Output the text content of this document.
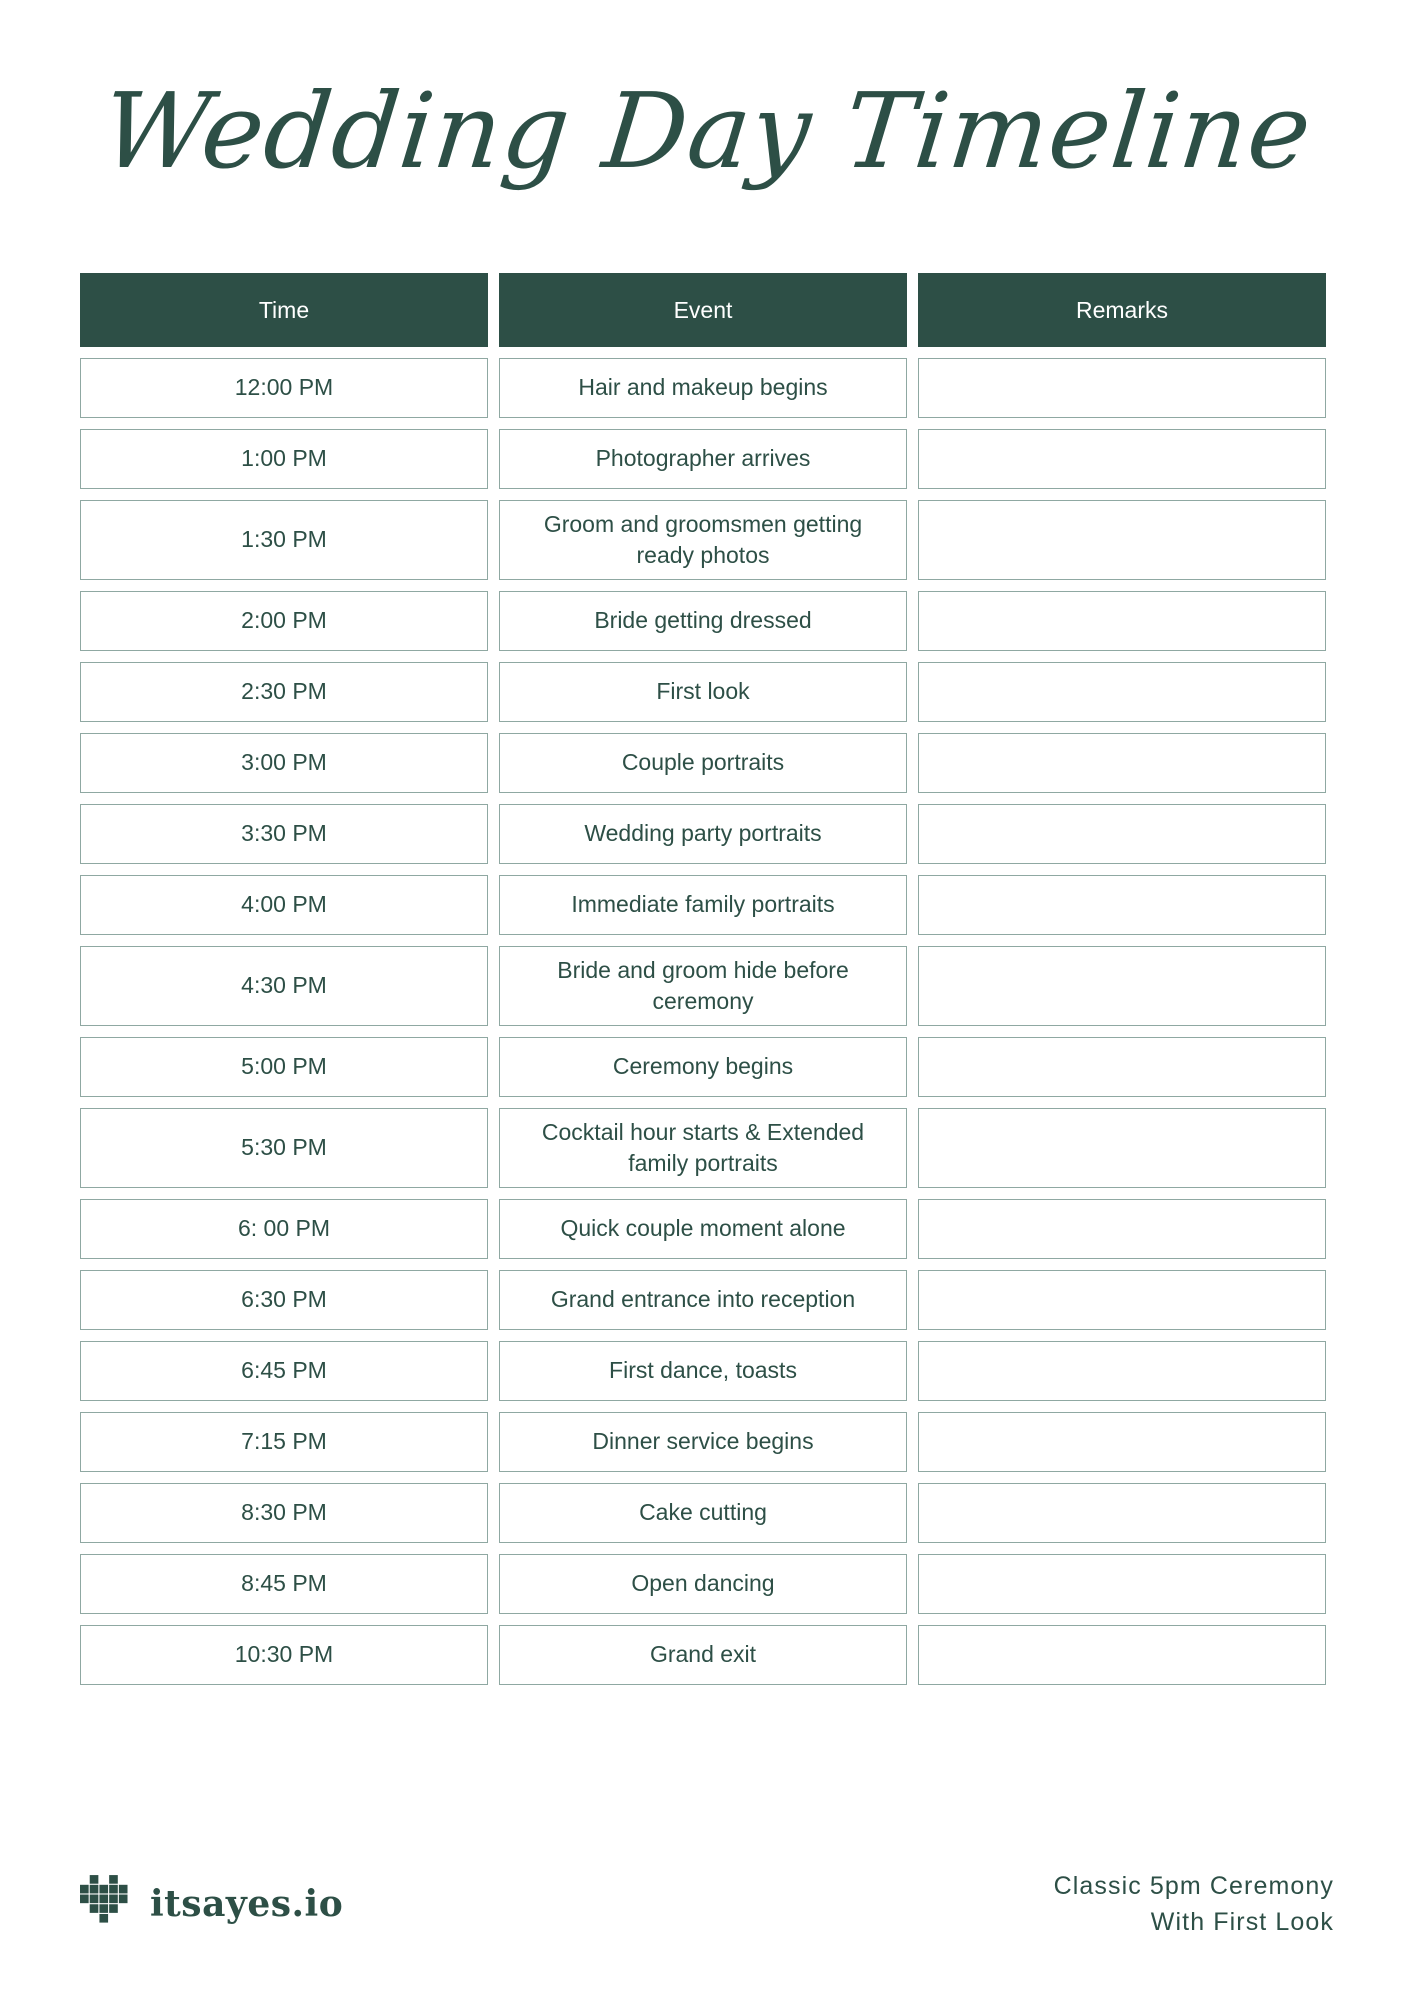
Wedding Day Timeline
Time	Event	Remarks
12:00 PM	Hair and makeup begins	
1:00 PM	Photographer arrives	
1:30 PM	Groom and groomsmen getting ready photos	
2:00 PM	Bride getting dressed	
2:30 PM	First look	
3:00 PM	Couple portraits	
3:30 PM	Wedding party portraits	
4:00 PM	Immediate family portraits	
4:30 PM	Bride and groom hide before ceremony	
5:00 PM	Ceremony begins	
5:30 PM	Cocktail hour starts & Extended family portraits	
6: 00 PM	Quick couple moment alone	
6:30 PM	Grand entrance into reception	
6:45 PM	First dance, toasts	
7:15 PM	Dinner service begins	
8:30 PM	Cake cutting	
8:45 PM	Open dancing	
10:30 PM	Grand exit	
itsayes.io	Classic 5pm Ceremony
With First Look
